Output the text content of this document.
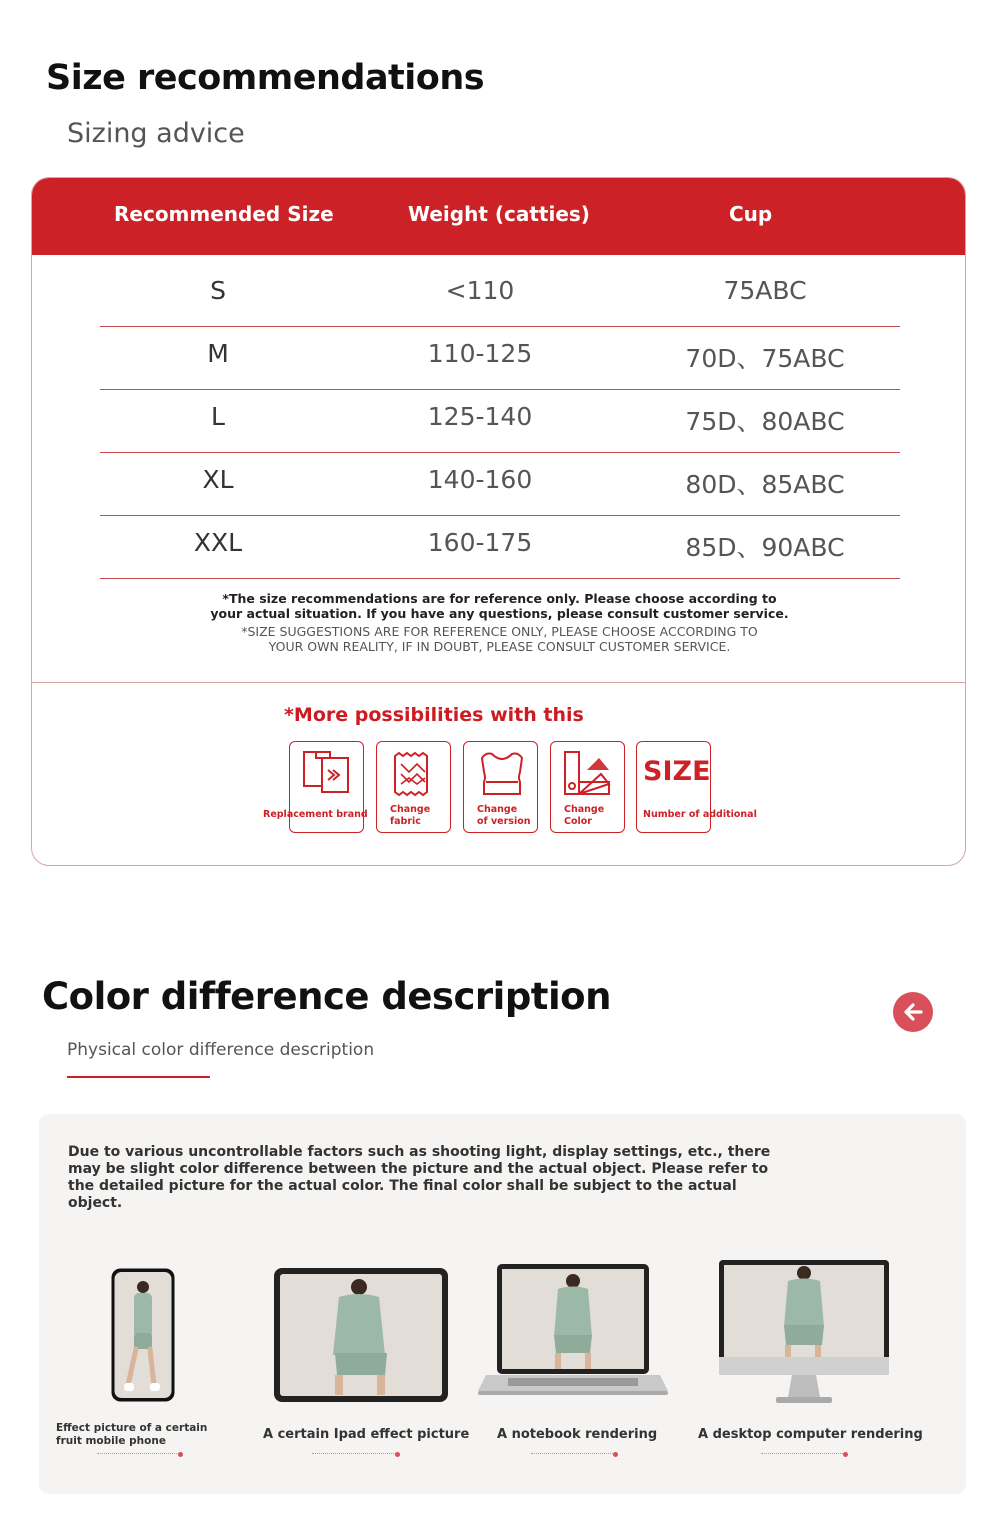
Size recommendations
Sizing advice
Recommended Size	Weight (catties)	Cup
S	<110	75ABC
M	110-125	70D、75ABC
L	125-140	75D、80ABC
XL	140-160	80D、85ABC
XXL	160-175	85D、90ABC
*The size recommendations are for reference only. Please choose according to
your actual situation. If you have any questions, please consult customer service.
*SIZE SUGGESTIONS ARE FOR REFERENCE ONLY, PLEASE CHOOSE ACCORDING TO
YOUR OWN REALITY, IF IN DOUBT, PLEASE CONSULT CUSTOMER SERVICE.
*More possibilities with this
Replacement brand Change
fabric
Change
of version
Change
Color
SIZE
Number of additional
Color difference description
Physical color difference description
Due to various uncontrollable factors such as shooting light, display settings, etc., there may be slight color difference between the picture and the actual object. Please refer to the detailed picture for the actual color. The final color shall be subject to the actual object.
Effect picture of a certain fruit mobile phone	A certain Ipad effect picture A notebook rendering	A desktop computer rendering
